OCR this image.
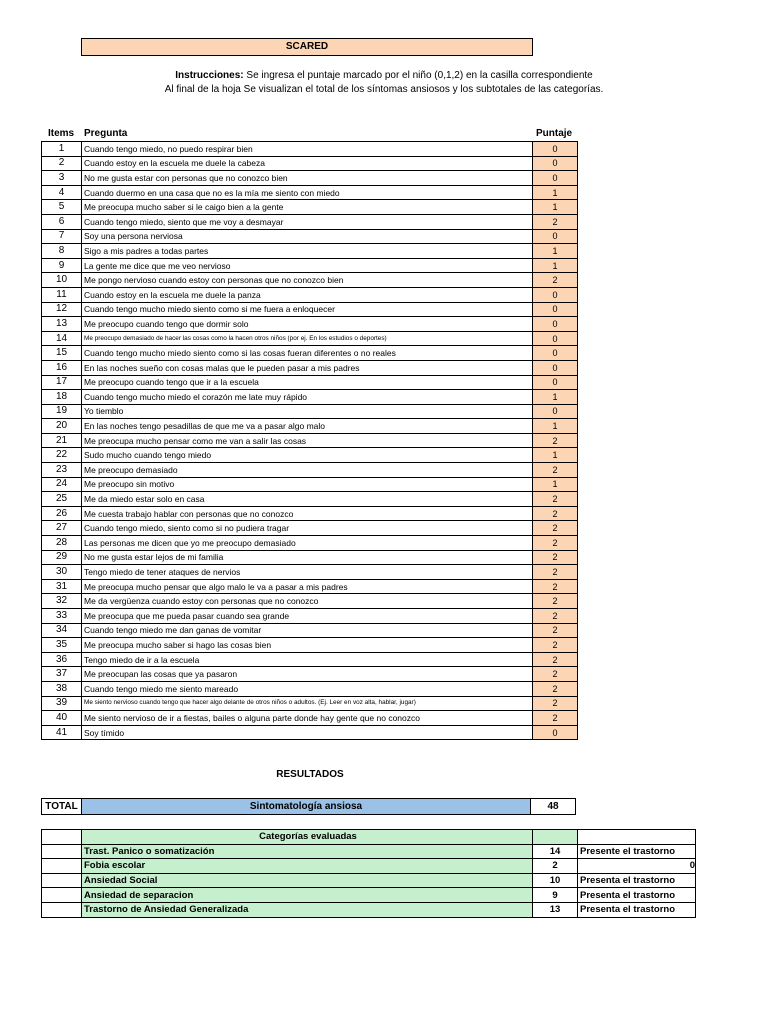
SCARED
Instrucciones: Se ingresa el puntaje marcado por el niño (0,1,2) en la casilla correspondiente
Al final de la hoja Se visualizan el total de los síntomas ansiosos y los subtotales de las categorías.
Items Pregunta	Puntaje
1	Cuando tengo miedo, no puedo respirar bien	0
2	Cuando estoy en la escuela me duele la cabeza	0
3	No me gusta estar con personas que no conozco bien	0
4	Cuando duermo en una casa que no es la mía me siento con miedo	1
5	Me preocupa mucho saber si le caigo bien a la gente	1
6	Cuando tengo miedo, siento que me voy a desmayar	2
7	Soy una persona nerviosa	0
8	Sigo a mis padres a todas partes	1
9	La gente me dice que me veo nervioso	1
10	Me pongo nervioso cuando estoy con personas que no conozco bien	2
11	Cuando estoy en la escuela me duele la panza	0
12	Cuando tengo mucho miedo siento como si me fuera a enloquecer	0
13	Me preocupo cuando tengo que dormir solo	0
14	Me preocupo demasiado de hacer las cosas como la hacen otros niños (por ej. En los estudios o deportes)	0
15	Cuando tengo mucho miedo siento como si las cosas fueran diferentes o no reales	0
16	En las noches sueño con cosas malas que le pueden pasar a mis padres	0
17	Me preocupo cuando tengo que ir a la escuela	0
18	Cuando tengo mucho miedo el corazón me late muy rápido	1
19	Yo tiemblo	0
20	En las noches tengo pesadillas de que me va a pasar algo malo	1
21	Me preocupa mucho pensar como me van a salir las cosas	2
22	Sudo mucho cuando tengo miedo	1
23	Me preocupo demasiado	2
24	Me preocupo sin motivo	1
25	Me da miedo estar solo en casa	2
26	Me cuesta trabajo hablar con personas que no conozco	2
27	Cuando tengo miedo, siento como si no pudiera tragar	2
28	Las personas me dicen que yo me preocupo demasiado	2
29	No me gusta estar lejos de mi familia	2
30	Tengo miedo de tener ataques de nervios	2
31	Me preocupa mucho pensar que algo malo le va a pasar a mis padres	2
32	Me da vergüenza cuando estoy con personas que no conozco	2
33	Me preocupa que me pueda pasar cuando sea grande	2
34	Cuando tengo miedo me dan ganas de vomitar	2
35	Me preocupa mucho saber si hago las cosas bien	2
36	Tengo miedo de ir a la escuela	2
37	Me preocupan las cosas que ya pasaron	2
38	Cuando tengo miedo me siento mareado	2
39	Me siento nervioso cuando tengo que hacer algo delante de otros niños o adultos. (Ej. Leer en voz alta, hablar, jugar)	2
40	Me siento nervioso de ir a fiestas, bailes o alguna parte donde hay gente que no conozco	2
41	Soy tímido	0
RESULTADOS
TOTAL	Sintomatología ansiosa	48
	Categorías evaluadas		
	Trast. Panico o somatización	14	Presente el trastorno
	Fobia escolar	2	0
	Ansiedad Social	10	Presenta el trastorno
	Ansiedad de separacion	9	Presenta el trastorno
	Trastorno de Ansiedad Generalizada	13	Presenta el trastorno
